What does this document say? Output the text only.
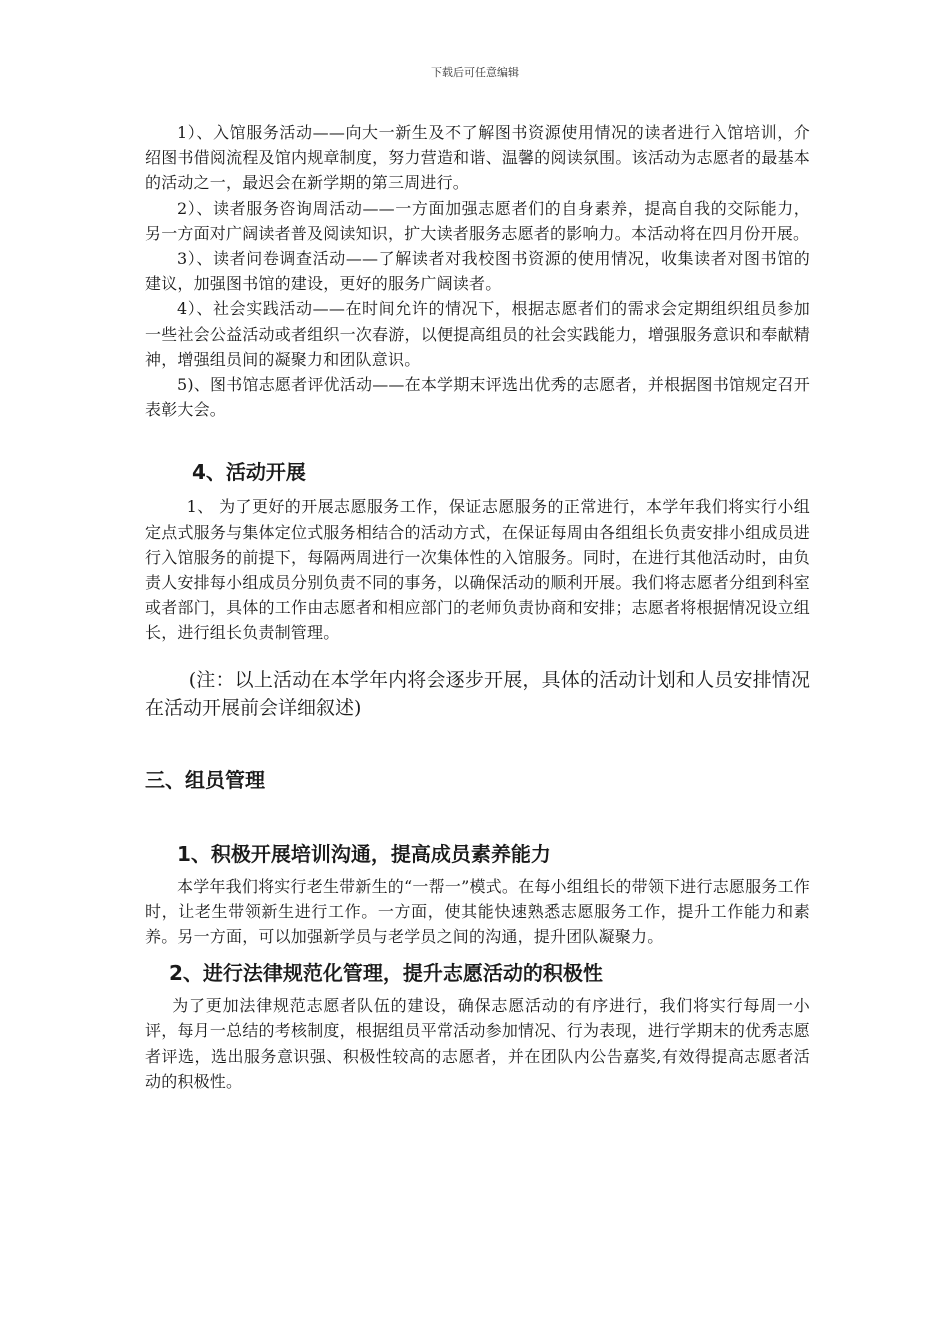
下载后可任意编辑

1）、入馆服务活动——向大一新生及不了解图书资源使用情况的读者进行入馆培训，介绍图书借阅流程及馆内规章制度，努力营造和谐、温馨的阅读氛围。该活动为志愿者的最基本的活动之一，最迟会在新学期的第三周进行。

2）、读者服务咨询周活动——一方面加强志愿者们的自身素养，提高自我的交际能力，另一方面对广阔读者普及阅读知识，扩大读者服务志愿者的影响力。本活动将在四月份开展。

3）、读者问卷调查活动——了解读者对我校图书资源的使用情况，收集读者对图书馆的建议，加强图书馆的建设，更好的服务广阔读者。

4）、社会实践活动——在时间允许的情况下，根据志愿者们的需求会定期组织组员参加一些社会公益活动或者组织一次春游，以便提高组员的社会实践能力，增强服务意识和奉献精神，增强组员间的凝聚力和团队意识。

5)、图书馆志愿者评优活动——在本学期末评选出优秀的志愿者，并根据图书馆规定召开表彰大会。

4、活动开展

1、 为了更好的开展志愿服务工作，保证志愿服务的正常进行，本学年我们将实行小组定点式服务与集体定位式服务相结合的活动方式，在保证每周由各组组长负责安排小组成员进行入馆服务的前提下，每隔两周进行一次集体性的入馆服务。同时，在进行其他活动时，由负责人安排每小组成员分别负责不同的事务，以确保活动的顺利开展。我们将志愿者分组到科室或者部门，具体的工作由志愿者和相应部门的老师负责协商和安排；志愿者将根据情况设立组长，进行组长负责制管理。

(注：以上活动在本学年内将会逐步开展，具体的活动计划和人员安排情况在活动开展前会详细叙述)

三、组员管理
1、积极开展培训沟通，提高成员素养能力

本学年我们将实行老生带新生的“一帮一”模式。在每小组组长的带领下进行志愿服务工作时，让老生带领新生进行工作。一方面，使其能快速熟悉志愿服务工作，提升工作能力和素养。另一方面，可以加强新学员与老学员之间的沟通，提升团队凝聚力。

2、进行法律规范化管理，提升志愿活动的积极性

为了更加法律规范志愿者队伍的建设，确保志愿活动的有序进行，我们将实行每周一小评，每月一总结的考核制度，根据组员平常活动参加情况、行为表现，进行学期末的优秀志愿者评选，选出服务意识强、积极性较高的志愿者，并在团队内公告嘉奖,有效得提高志愿者活动的积极性。
